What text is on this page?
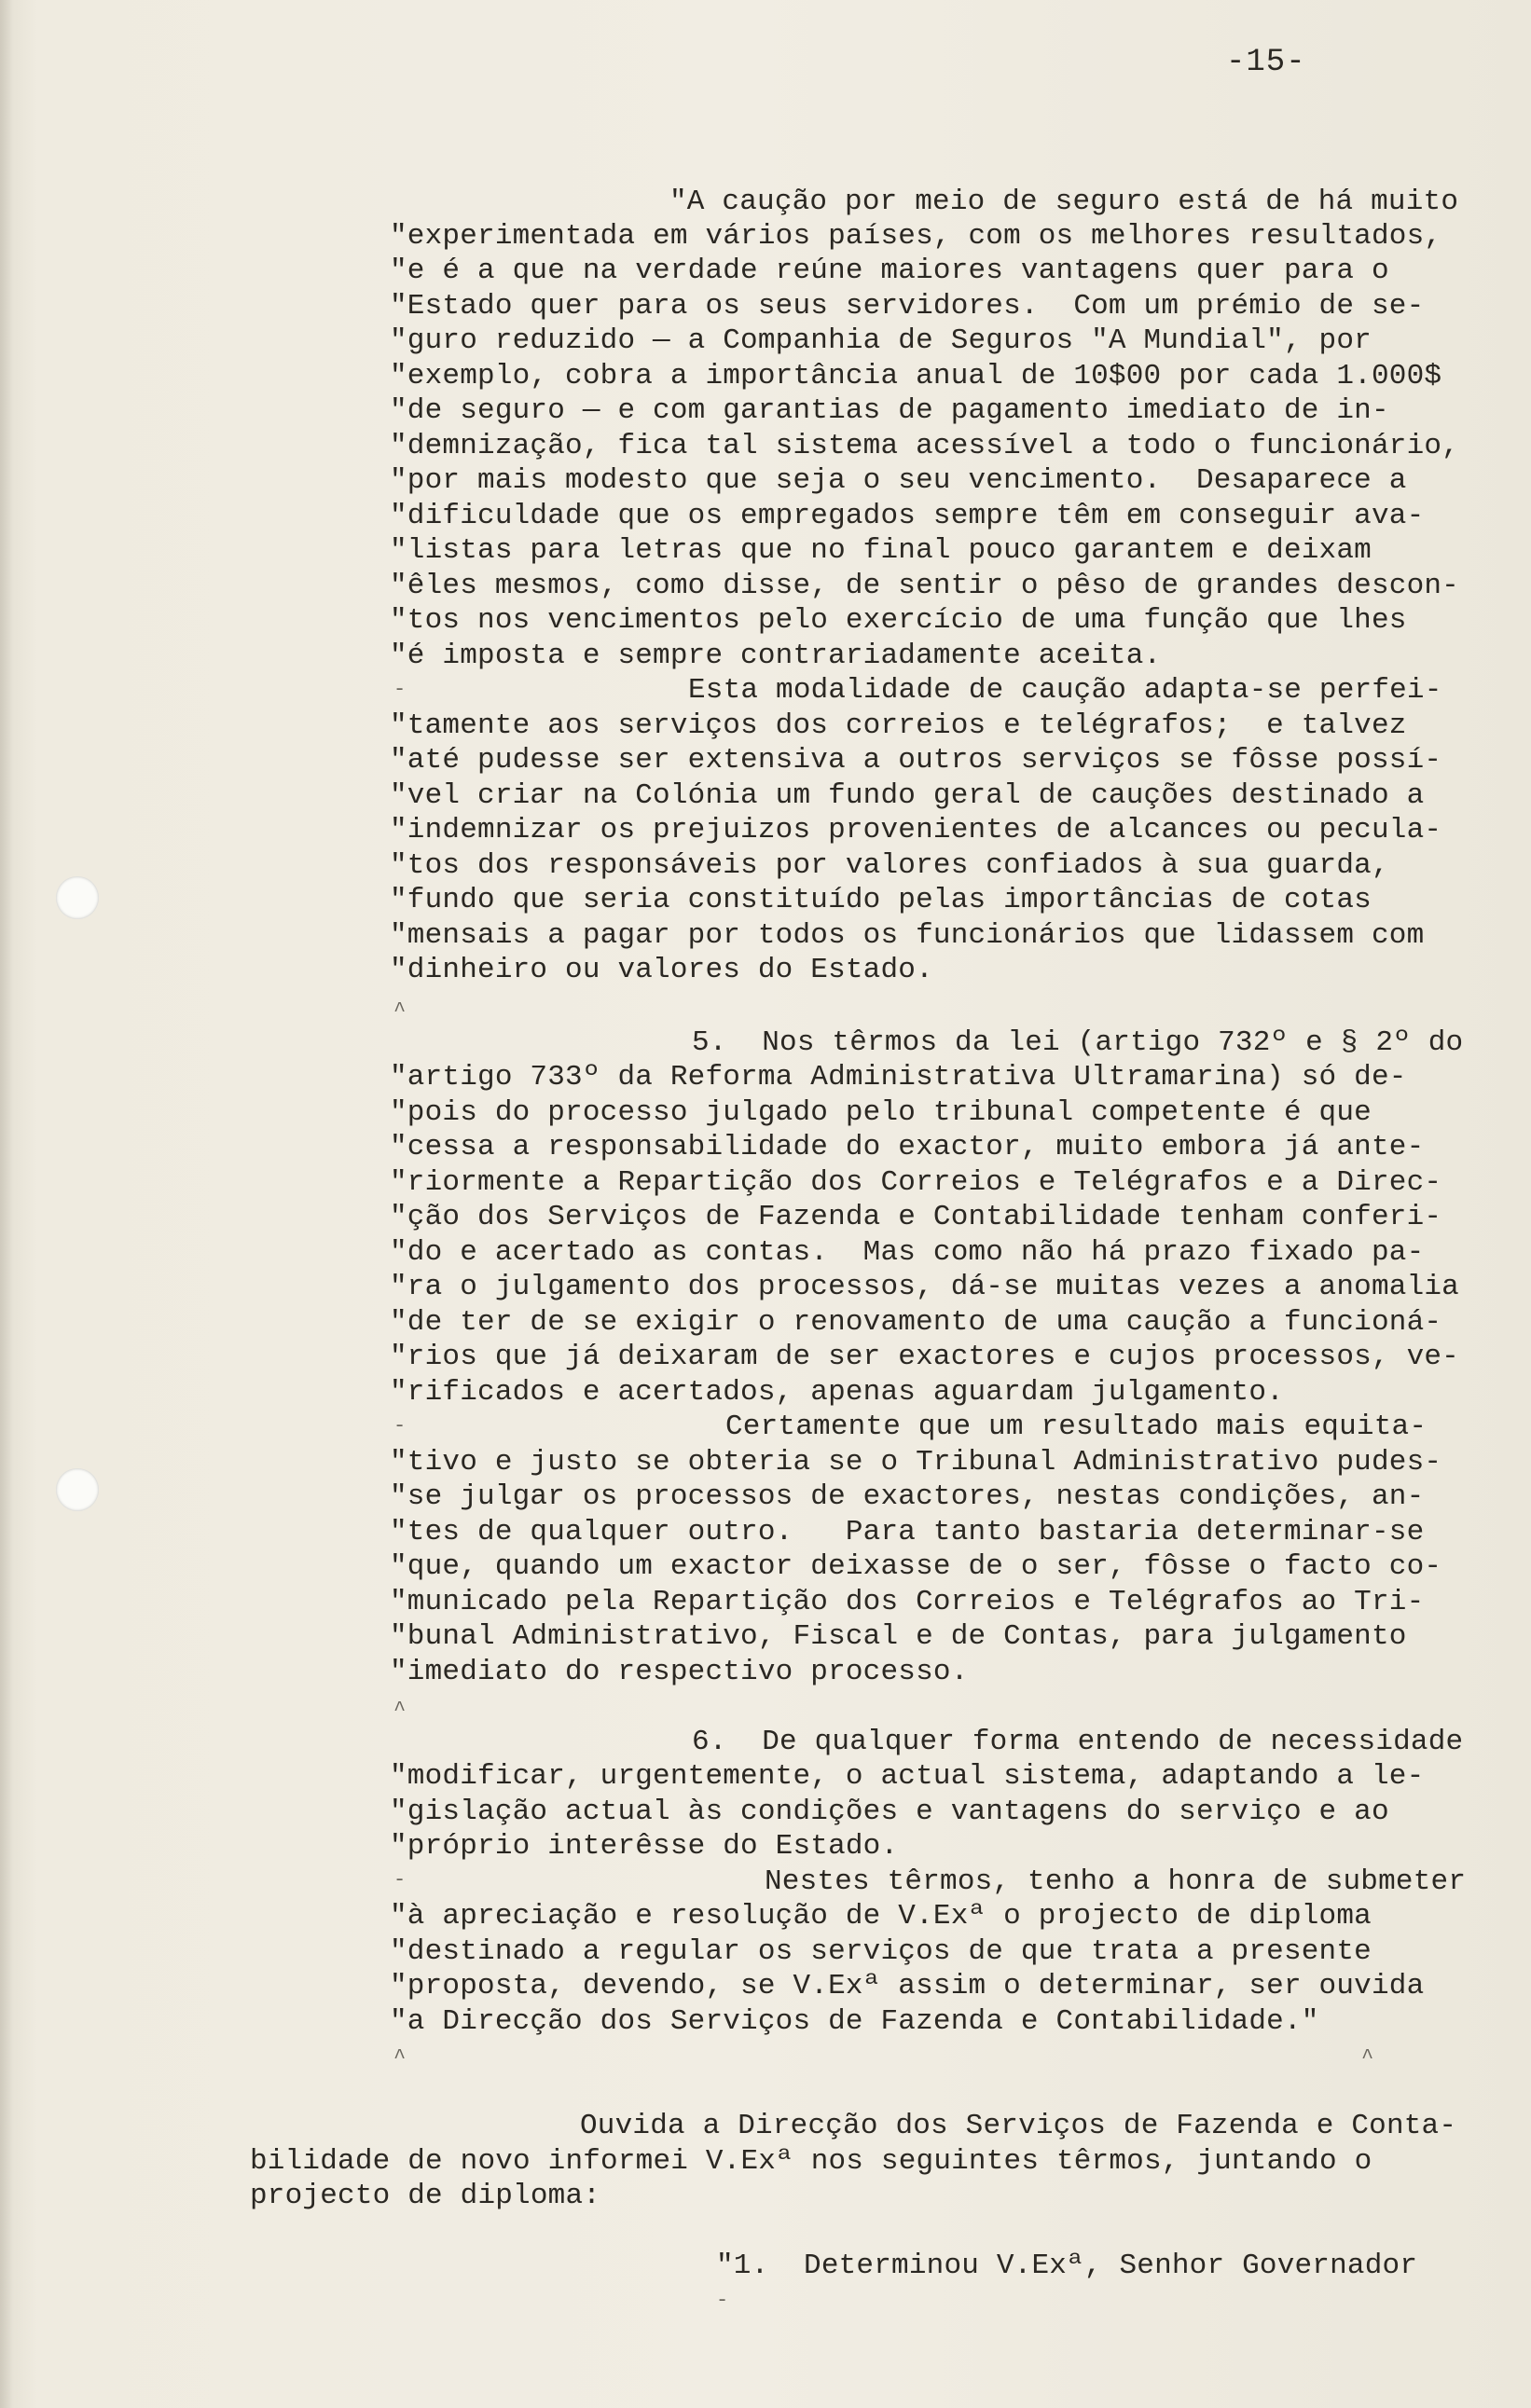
-15-
"A caução por meio de seguro está de há muito
"experimentada em vários países, com os melhores resultados,
"e é a que na verdade reúne maiores vantagens quer para o
"Estado quer para os seus servidores.  Com um prémio de se-
"guro reduzido — a Companhia de Seguros "A Mundial", por
"exemplo, cobra a importância anual de 10$00 por cada 1.000$
"de seguro — e com garantias de pagamento imediato de in-
"demnização, fica tal sistema acessível a todo o funcionário,
"por mais modesto que seja o seu vencimento.  Desaparece a
"dificuldade que os empregados sempre têm em conseguir ava-
"listas para letras que no final pouco garantem e deixam
"êles mesmos, como disse, de sentir o pêso de grandes descon-
"tos nos vencimentos pelo exercício de uma função que lhes
"é imposta e sempre contrariadamente aceita.
-	Esta modalidade de caução adapta-se perfei-
"tamente aos serviços dos correios e telégrafos;  e talvez
"até pudesse ser extensiva a outros serviços se fôsse possí-
"vel criar na Colónia um fundo geral de cauções destinado a
"indemnizar os prejuizos provenientes de alcances ou pecula-
"tos dos responsáveis por valores confiados à sua guarda,
"fundo que seria constituído pelas importâncias de cotas
"mensais a pagar por todos os funcionários que lidassem com
"dinheiro ou valores do Estado.
^
5.  Nos têrmos da lei (artigo 732º e § 2º do
"artigo 733º da Reforma Administrativa Ultramarina) só de-
"pois do processo julgado pelo tribunal competente é que
"cessa a responsabilidade do exactor, muito embora já ante-
"riormente a Repartição dos Correios e Telégrafos e a Direc-
"ção dos Serviços de Fazenda e Contabilidade tenham conferi-
"do e acertado as contas.  Mas como não há prazo fixado pa-
"ra o julgamento dos processos, dá-se muitas vezes a anomalia
"de ter de se exigir o renovamento de uma caução a funcioná-
"rios que já deixaram de ser exactores e cujos processos, ve-
"rificados e acertados, apenas aguardam julgamento.
-	Certamente que um resultado mais equita-
"tivo e justo se obteria se o Tribunal Administrativo pudes-
"se julgar os processos de exactores, nestas condições, an-
"tes de qualquer outro.   Para tanto bastaria determinar-se
"que, quando um exactor deixasse de o ser, fôsse o facto co-
"municado pela Repartição dos Correios e Telégrafos ao Tri-
"bunal Administrativo, Fiscal e de Contas, para julgamento
"imediato do respectivo processo.
^
6.  De qualquer forma entendo de necessidade
"modificar, urgentemente, o actual sistema, adaptando a le-
"gislação actual às condições e vantagens do serviço e ao
"próprio interêsse do Estado.
-	Nestes têrmos, tenho a honra de submeter
"à apreciação e resolução de V.Exª o projecto de diploma
"destinado a regular os serviços de que trata a presente
"proposta, devendo, se V.Exª assim o determinar, ser ouvida
"a Direcção dos Serviços de Fazenda e Contabilidade."
^	^
Ouvida a Direcção dos Serviços de Fazenda e Conta-
bilidade de novo informei V.Exª nos seguintes têrmos, juntando o
projecto de diploma:
"1.  Determinou V.Exª, Senhor Governador
-
